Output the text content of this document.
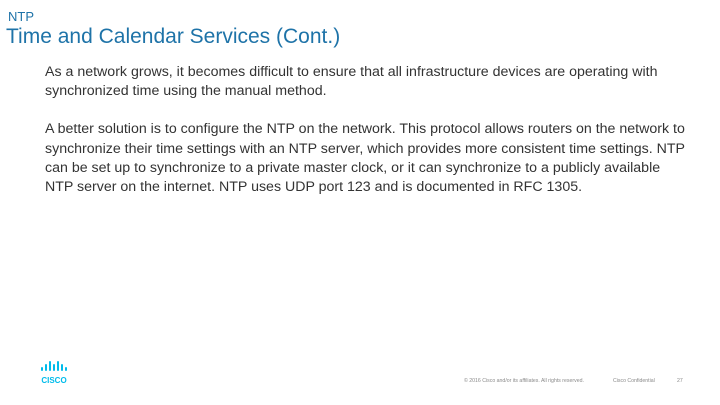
NTP
Time and Calendar Services (Cont.)

As a network grows, it becomes difficult to ensure that all infrastructure devices are operating with synchronized time using the manual method.

A better solution is to configure the NTP on the network. This protocol allows routers on the network to synchronize their time settings with an NTP server, which provides more consistent time settings. NTP can be set up to synchronize to a private master clock, or it can synchronize to a publicly available NTP server on the internet. NTP uses UDP port 123 and is documented in RFC 1305.

CISCO	© 2016 Cisco and/or its affiliates. All rights reserved.	Cisco Confidential	27
